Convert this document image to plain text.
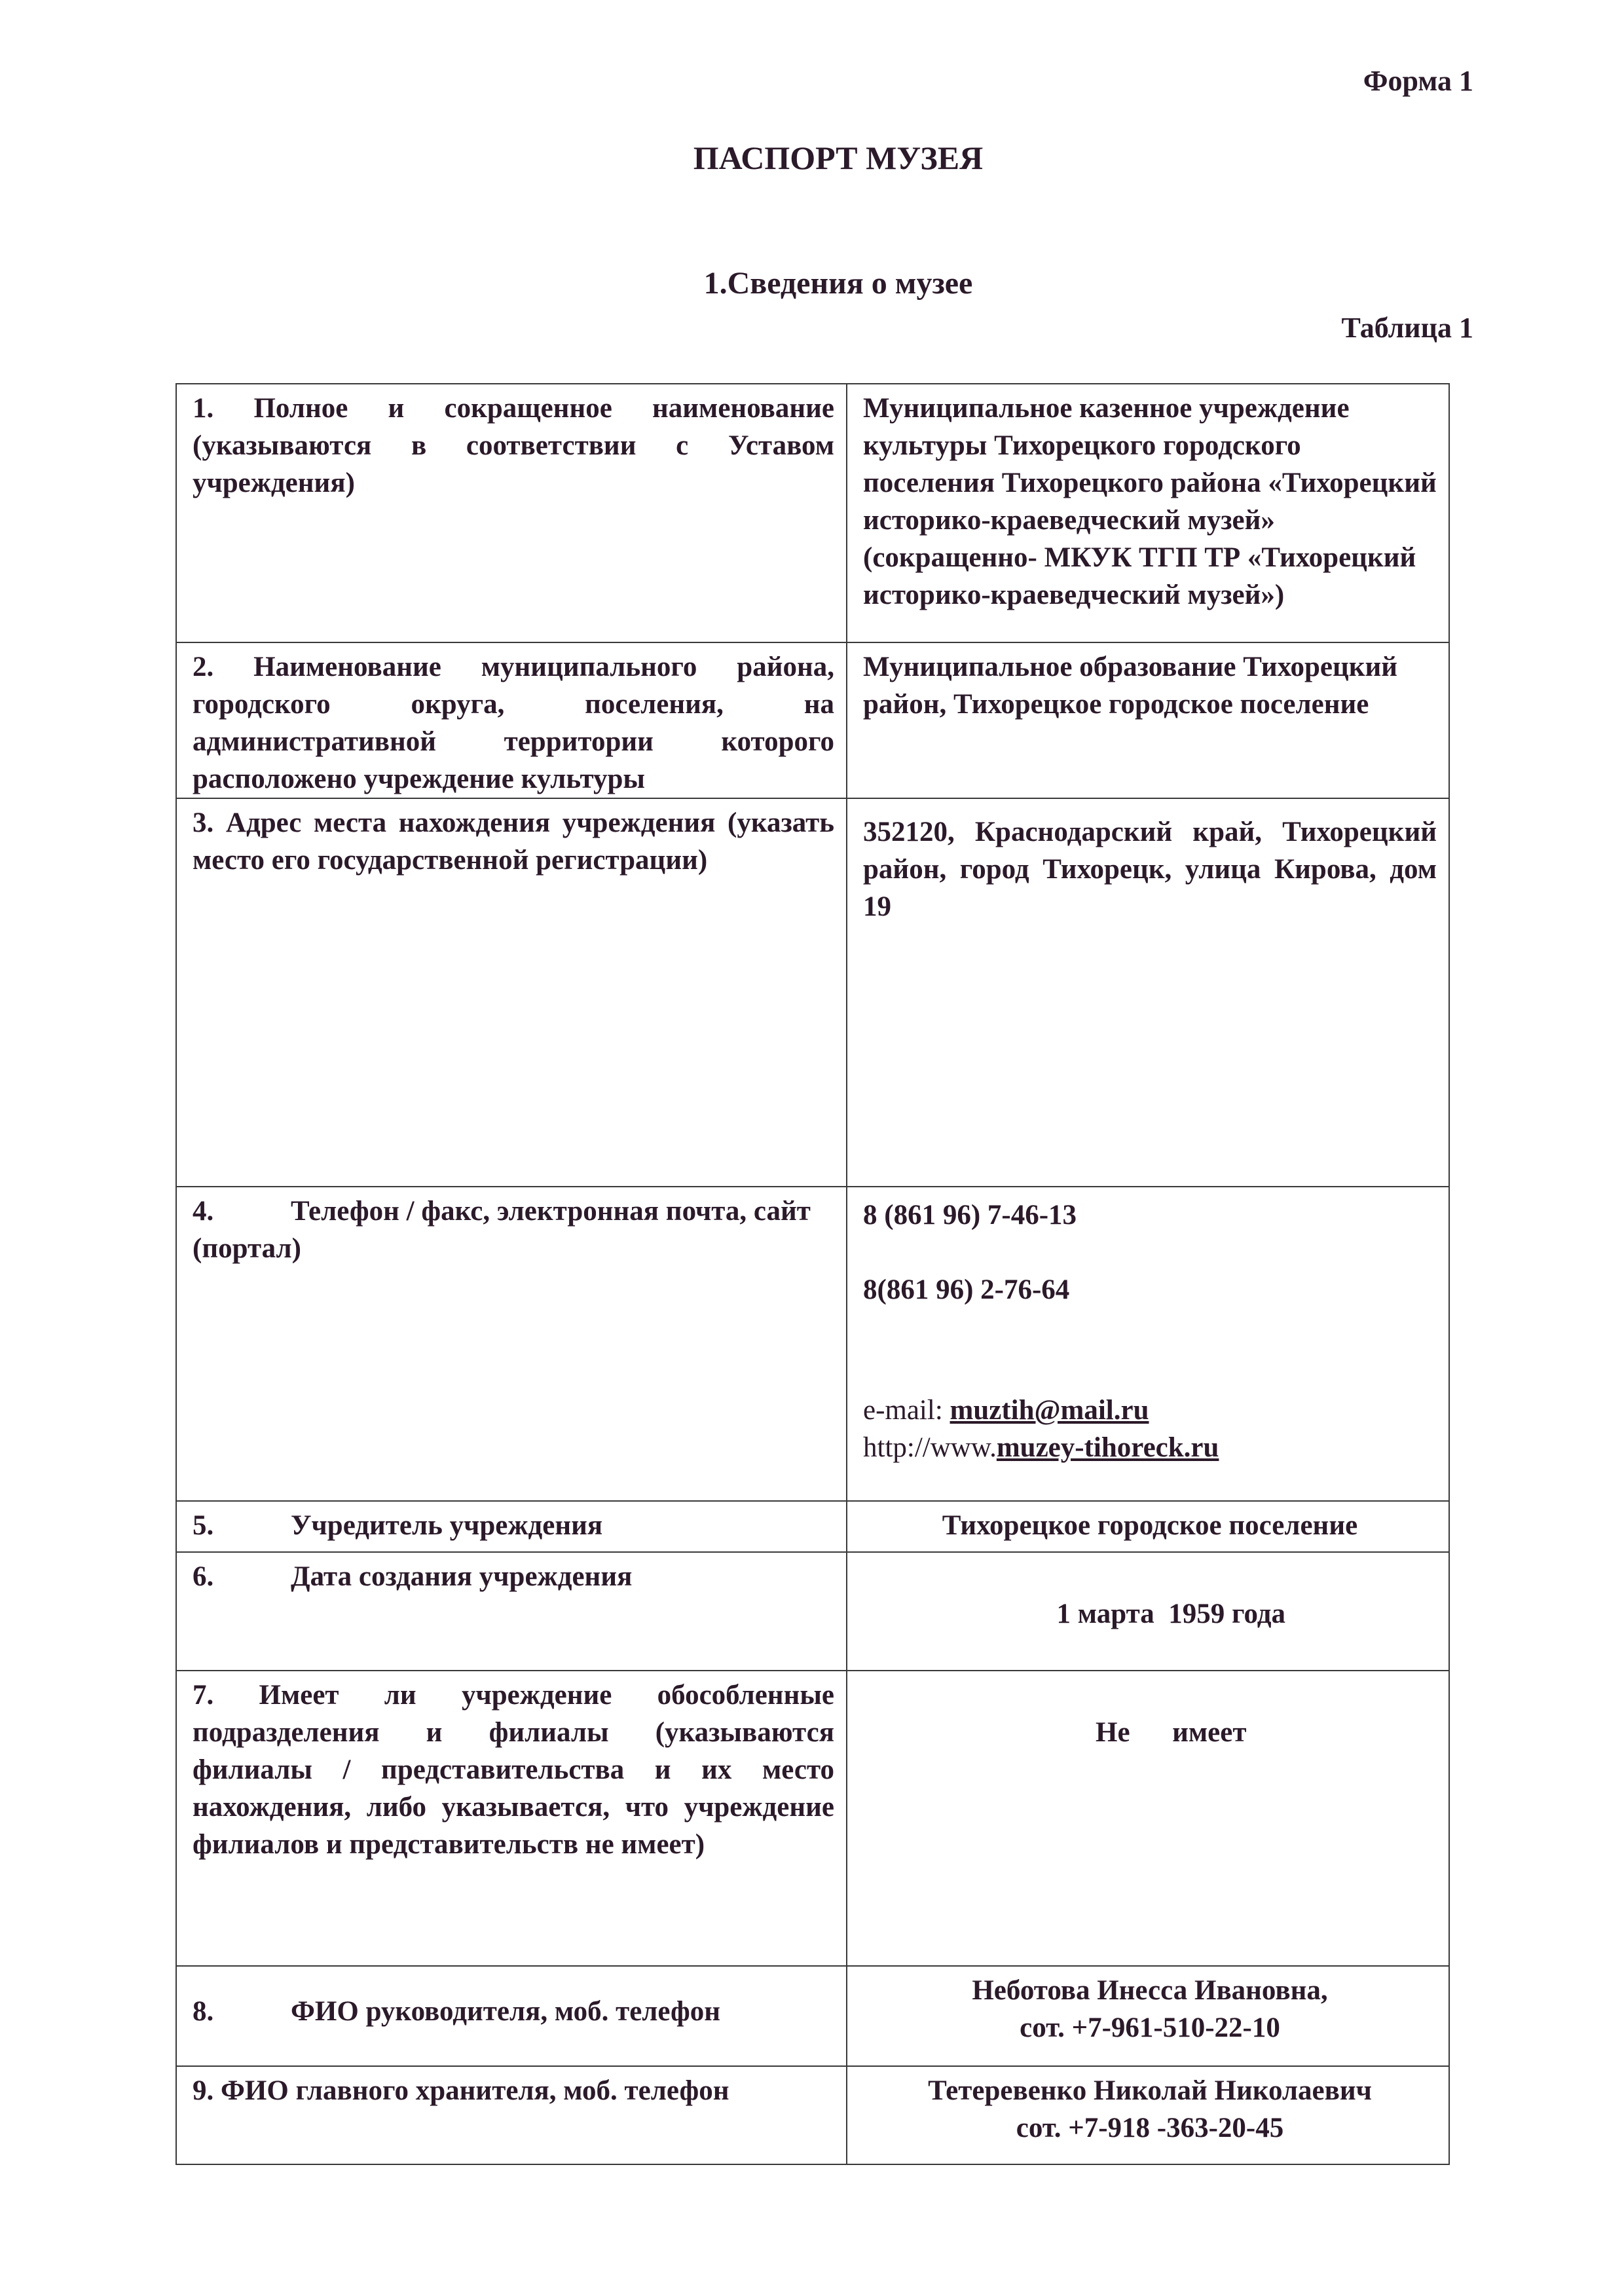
Форма 1
ПАСПОРТ МУЗЕЯ
1.Сведения о музее
Таблица 1
1. Полное и сокращенное наименование (указываются в соответствии с Уставом учреждения)	Муниципальное казенное учреждение культуры Тихорецкого городского поселения Тихорецкого района «Тихорецкий историко-краеведческий музей» (сокращенно- МКУК ТГП ТР «Тихорецкий историко-краеведческий музей»)
2. Наименование муниципального района, городского округа, поселения, на административной территории которого расположено учреждение культуры	Муниципальное образование Тихорецкий район, Тихорецкое городское поселение
3. Адрес места нахождения учреждения (указать место его государственной регистрации)	352120, Краснодарский край, Тихорецкий район, город Тихорецк, улица Кирова, дом 19
4. Телефон / факс, электронная почта, сайт (портал)	8 (861 96) 7-46-13
8(861 96) 2-76-64
e-mail: muztih@mail.ru
http://www.muzey-tihoreck.ru

5. Учредитель учреждения	Тихорецкое городское поселение
6. Дата создания учреждения	1 марта  1959 года

7. Имеет ли учреждение обособленные подразделения и филиалы (указываются филиалы / представительства и их место нахождения, либо указывается, что учреждение филиалов и представительств не имеет)	Не      имеет

8. ФИО руководителя, моб. телефон	Неботова Инесса Ивановна,
сот. +7-961-510-22-10

9. ФИО главного хранителя, моб. телефон	Тетеревенко Николай Николаевич
сот. +7-918 -363-20-45
